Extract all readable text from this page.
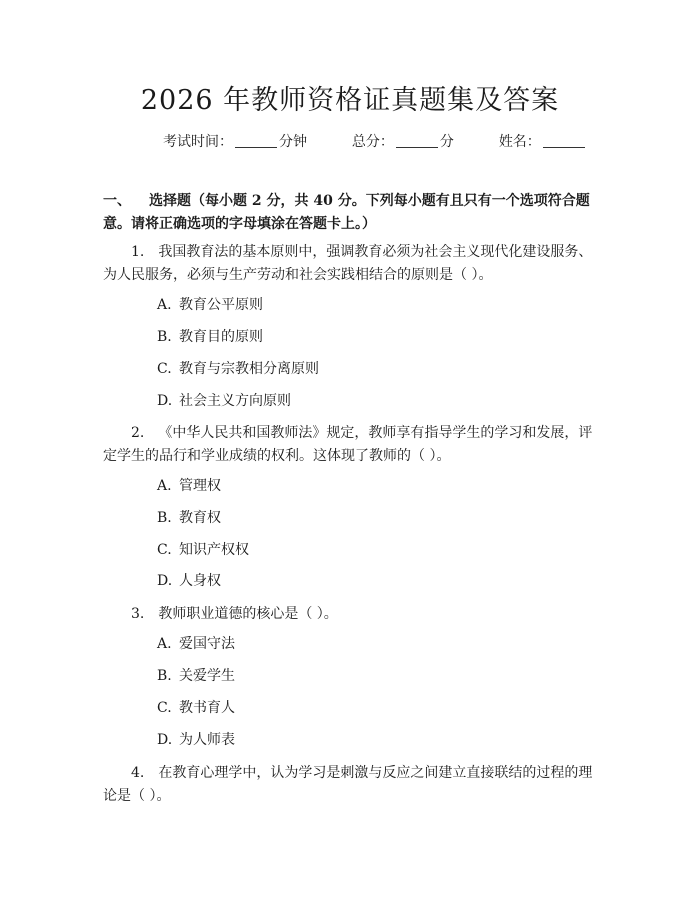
2026 年教师资格证真题集及答案
考试时间：	分钟	总分：	分	姓名：
一、 选择题（每小题 2 分，共 40 分。下列每小题有且只有一个选项符合题意。请将正确选项的字母填涂在答题卡上。）
1. 我国教育法的基本原则中，强调教育必须为社会主义现代化建设服务、为人民服务，必须与生产劳动和社会实践相结合的原则是（ ）。
A. 教育公平原则
B. 教育目的原则
C. 教育与宗教相分离原则
D. 社会主义方向原则
2. 《中华人民共和国教师法》规定，教师享有指导学生的学习和发展，评定学生的品行和学业成绩的权利。这体现了教师的（ ）。
A. 管理权
B. 教育权
C. 知识产权权
D. 人身权
3. 教师职业道德的核心是（ ）。
A. 爱国守法
B. 关爱学生
C. 教书育人
D. 为人师表
4. 在教育心理学中，认为学习是刺激与反应之间建立直接联结的过程的理论是（ ）。
